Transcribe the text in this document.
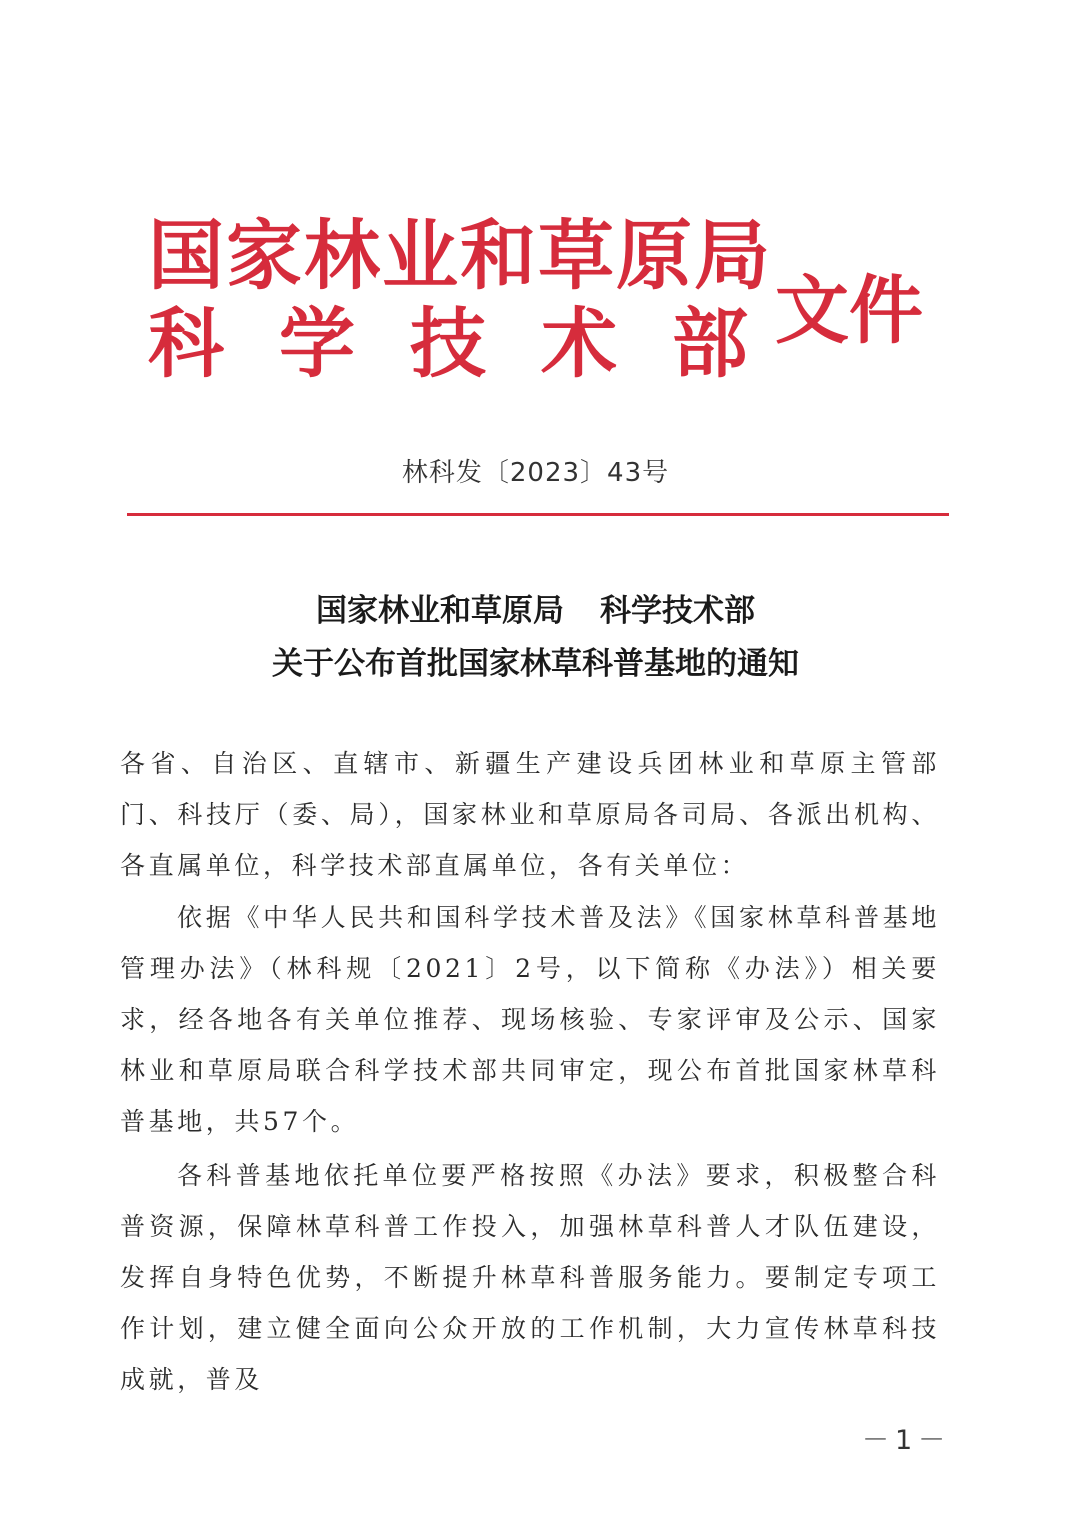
国家林业和草原局
科学技术部
文件
林科发〔2023〕43号
国家林业和草原局 科学技术部
关于公布首批国家林草科普基地的通知

各省、自治区、直辖市、新疆生产建设兵团林业和草原主管部门、科技厅（委、局），国家林业和草原局各司局、各派出机构、各直属单位，科学技术部直属单位，各有关单位：

依据《中华人民共和国科学技术普及法》《国家林草科普基地管理办法》（林科规〔2021〕2号，以下简称《办法》）相关要求，经各地各有关单位推荐、现场核验、专家评审及公示、国家林业和草原局联合科学技术部共同审定，现公布首批国家林草科普基地，共57个。

各科普基地依托单位要严格按照《办法》要求，积极整合科普资源，保障林草科普工作投入，加强林草科普人才队伍建设，发挥自身特色优势，不断提升林草科普服务能力。要制定专项工作计划，建立健全面向公众开放的工作机制，大力宣传林草科技成就，普及

－1－
